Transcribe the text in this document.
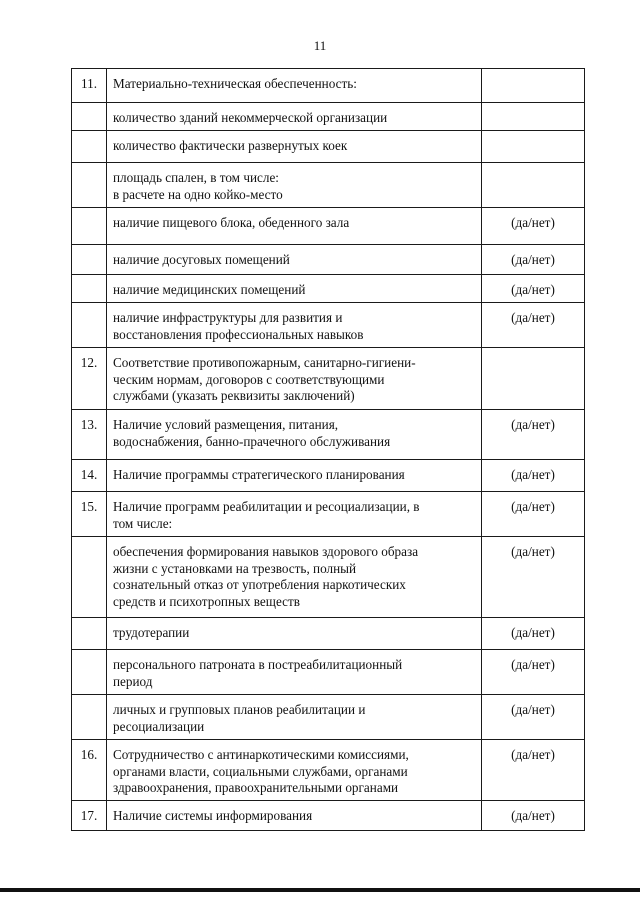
11
11.	Материально-техническая обеспеченность:	

	количество зданий некоммерческой организации	

	количество фактически развернутых коек	

	площадь спален, в том числе:
в расчете на одно койко-место	

	наличие пищевого блока, обеденного зала	(да/нет)

	наличие досуговых помещений	(да/нет)

	наличие медицинских помещений	(да/нет)

	наличие инфраструктуры для развития и
восстановления профессиональных навыков	(да/нет)
12.	Соответствие противопожарным, санитарно-гигиени-
ческим нормам, договоров с соответствующими
службами (указать реквизиты заключений)	

13.	Наличие условий размещения, питания,
водоснабжения, банно-прачечного обслуживания	(да/нет)
14.	Наличие программы стратегического планирования	(да/нет)
15.	Наличие программ реабилитации и ресоциализации, в
том числе:	(да/нет)

	обеспечения формирования навыков здорового образа
жизни с установками на трезвость, полный
сознательный отказ от употребления наркотических
средств и психотропных веществ	(да/нет)

	трудотерапии	(да/нет)

	персонального патроната в постреабилитационный
период	(да/нет)

	личных и групповых планов реабилитации и
ресоциализации	(да/нет)
16.	Сотрудничество с антинаркотическими комиссиями,
органами власти, социальными службами, органами
здравоохранения, правоохранительными органами	(да/нет)
17.	Наличие системы информирования	(да/нет)
